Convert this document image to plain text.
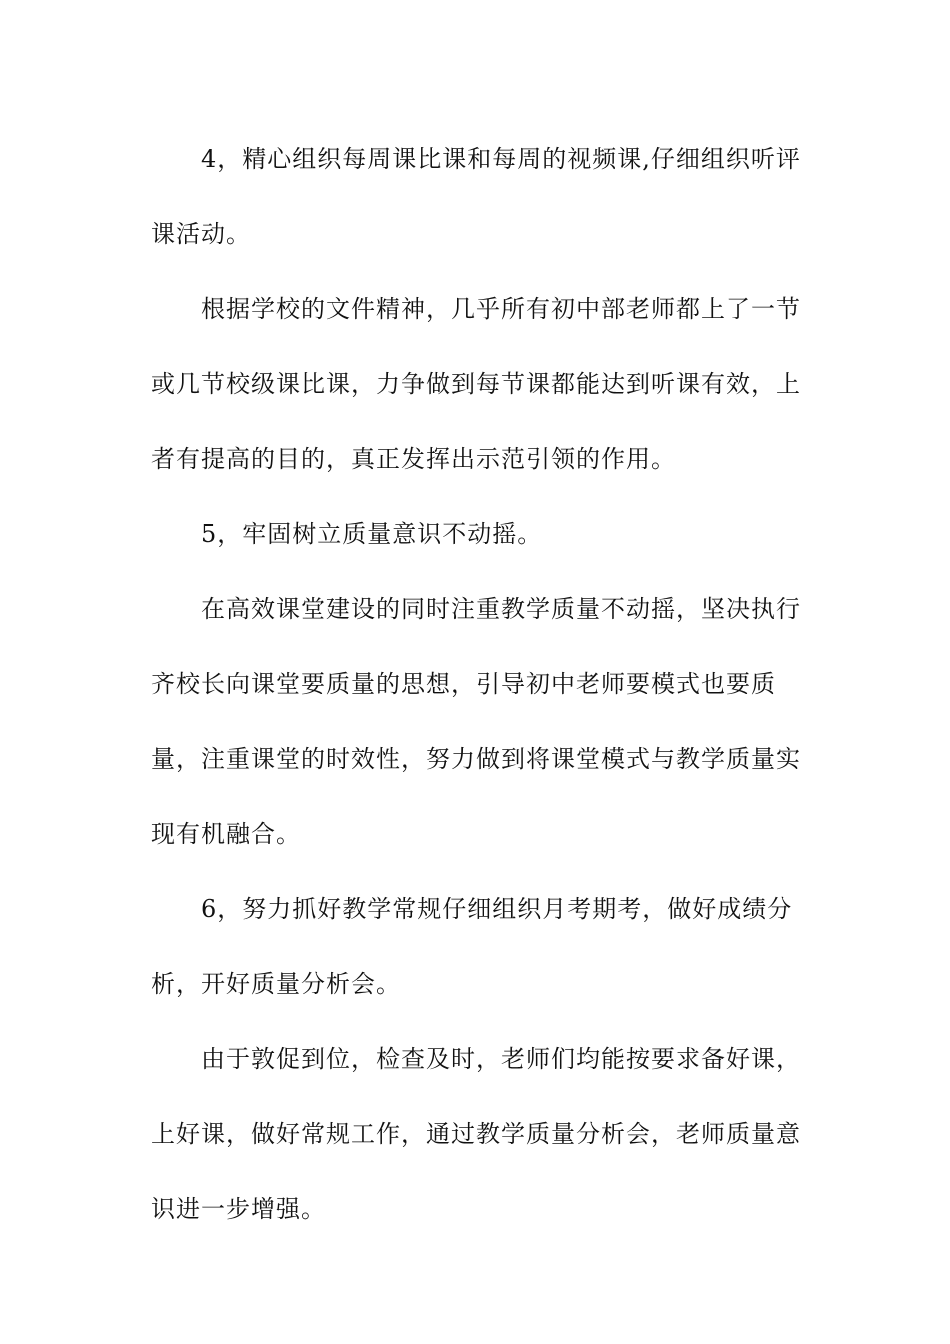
4，精心组织每周课比课和每周的视频课,仔细组织听评课活动。

根据学校的文件精神，几乎所有初中部老师都上了一节或几节校级课比课，力争做到每节课都能达到听课有效，上者有提高的目的，真正发挥出示范引领的作用。

5，牢固树立质量意识不动摇。

在高效课堂建设的同时注重教学质量不动摇，坚决执行齐校长向课堂要质量的思想，引导初中老师要模式也要质量，注重课堂的时效性，努力做到将课堂模式与教学质量实现有机融合。

6，努力抓好教学常规仔细组织月考期考，做好成绩分析，开好质量分析会。

由于敦促到位，检查及时，老师们均能按要求备好课，上好课，做好常规工作，通过教学质量分析会，老师质量意识进一步增强。
